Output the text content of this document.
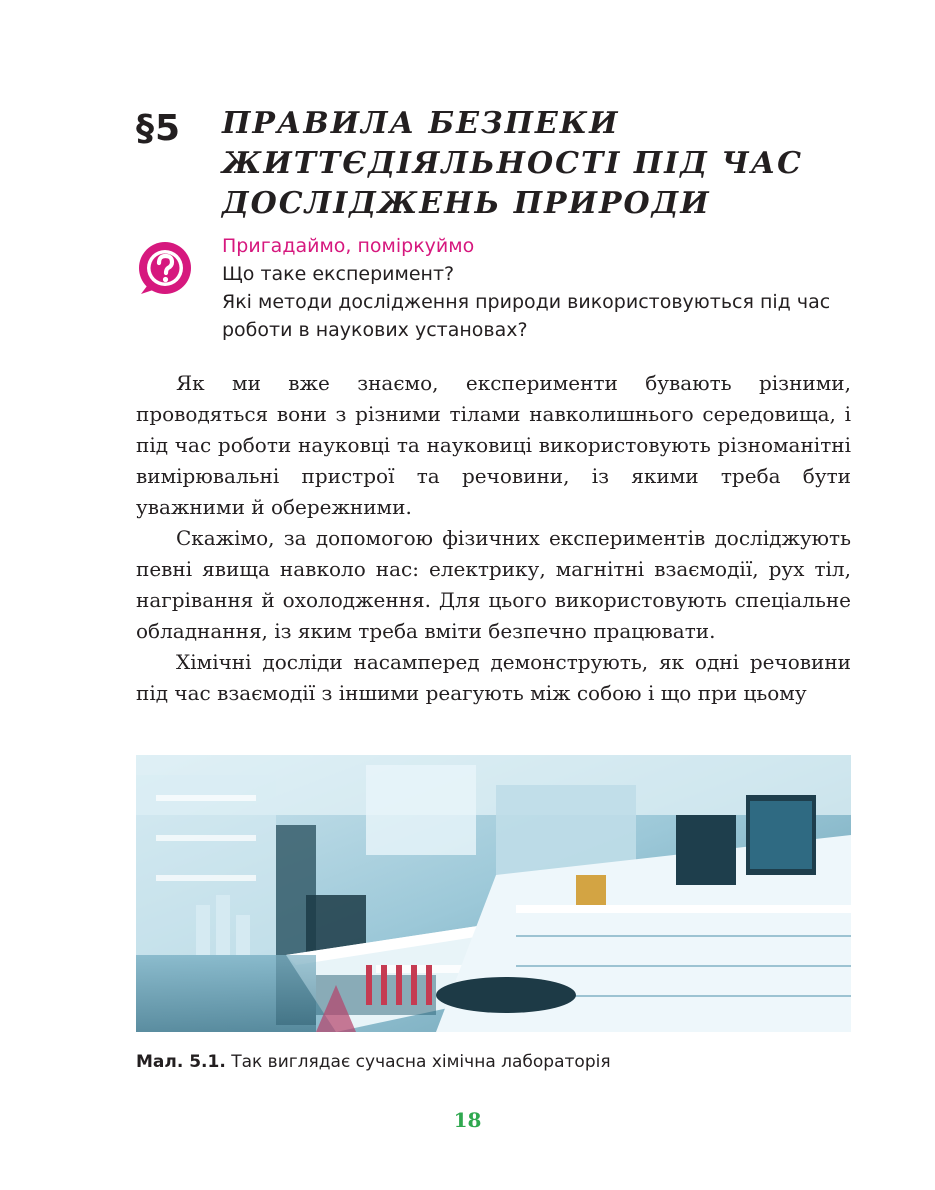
§5 ПРАВИЛА БЕЗПЕКИ
ЖИТТЄДІЯЛЬНОСТІ ПІД ЧАС
ДОСЛІДЖЕНЬ ПРИРОДИ
Пригадаймо, поміркуймо
Що таке експеримент?
Які методи дослідження природи використовуються під час роботи в наукових установах?

Як ми вже знаємо, експерименти бувають різними, проводяться вони з різними тілами навколишнього середовища, і під час роботи науковці та науковиці використовують різноманітні вимірювальні пристрої та речовини, із якими треба бути уважними й обережними.

Скажімо, за допомогою фізичних експериментів досліджують певні явища навколо нас: електрику, магнітні взаємодії, рух тіл, нагрівання й охолодження. Для цього використовують спеціальне обладнання, із яким треба вміти безпечно працювати.

Хімічні досліди насамперед демонструють, як одні речовини під час взаємодії з іншими реагують між собою і що при цьому

Мал. 5.1. Так виглядає сучасна хімічна лабораторія
18
